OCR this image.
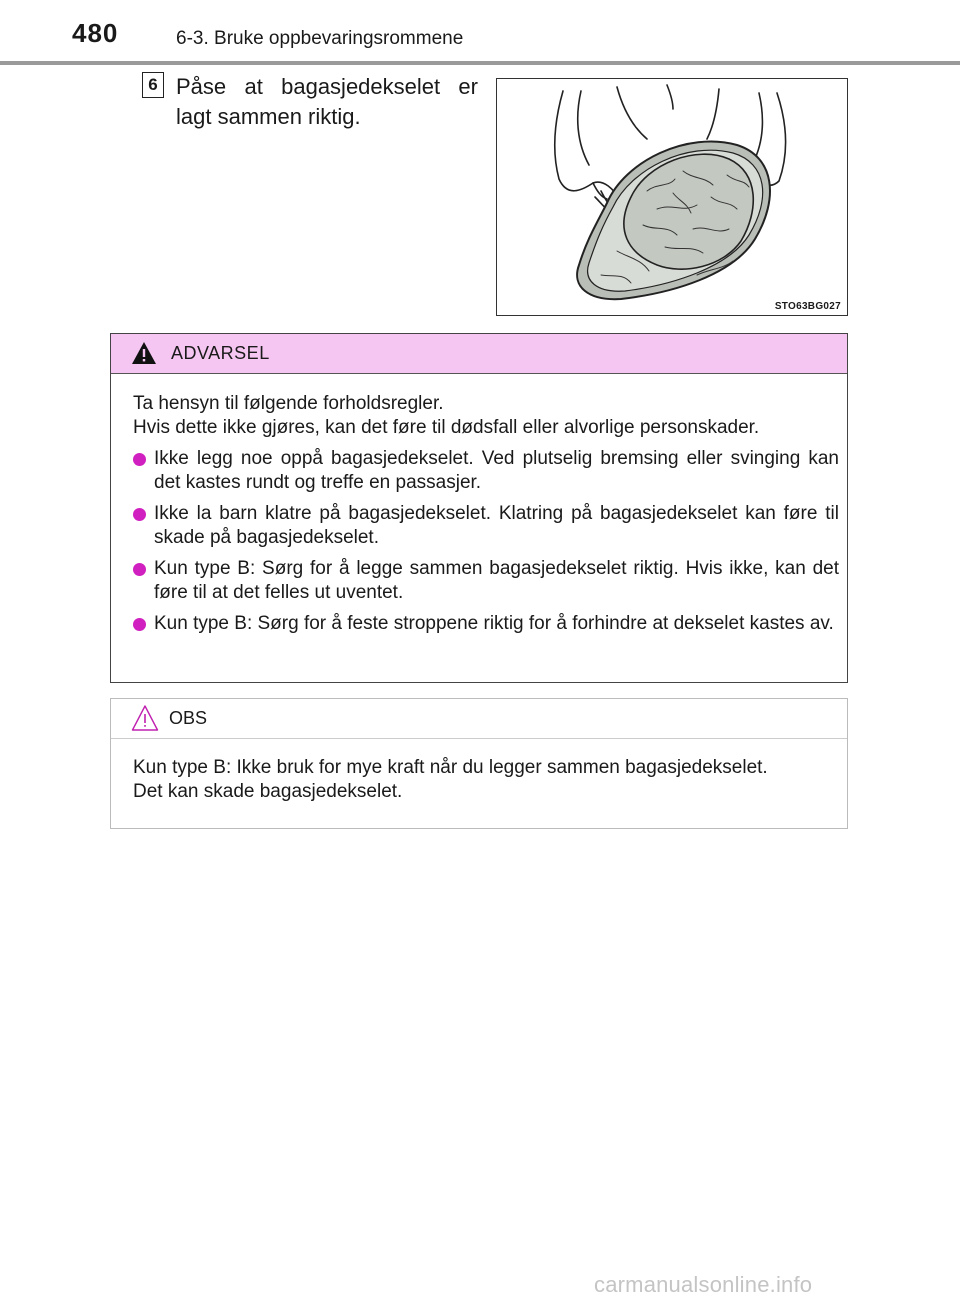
480	6-3. Bruke oppbevaringsrommene
6 Påse at bagasjedekselet er lagt sammen riktig.
STO63BG027
ADVARSEL

Ta hensyn til følgende forholdsregler.

Hvis dette ikke gjøres, kan det føre til dødsfall eller alvorlige personskader.

Ikke legg noe oppå bagasjedekselet. Ved plutselig bremsing eller svinging kan det kastes rundt og treffe en passasjer.
Ikke la barn klatre på bagasjedekselet. Klatring på bagasjedekselet kan føre til skade på bagasjedekselet.
Kun type B: Sørg for å legge sammen bagasjedekselet riktig. Hvis ikke, kan det føre til at det felles ut uventet.
Kun type B: Sørg for å feste stroppene riktig for å forhindre at dekselet kastes av.
OBS

Kun type B: Ikke bruk for mye kraft når du legger sammen bagasjedekselet.

Det kan skade bagasjedekselet.

carmanualsonline.info
